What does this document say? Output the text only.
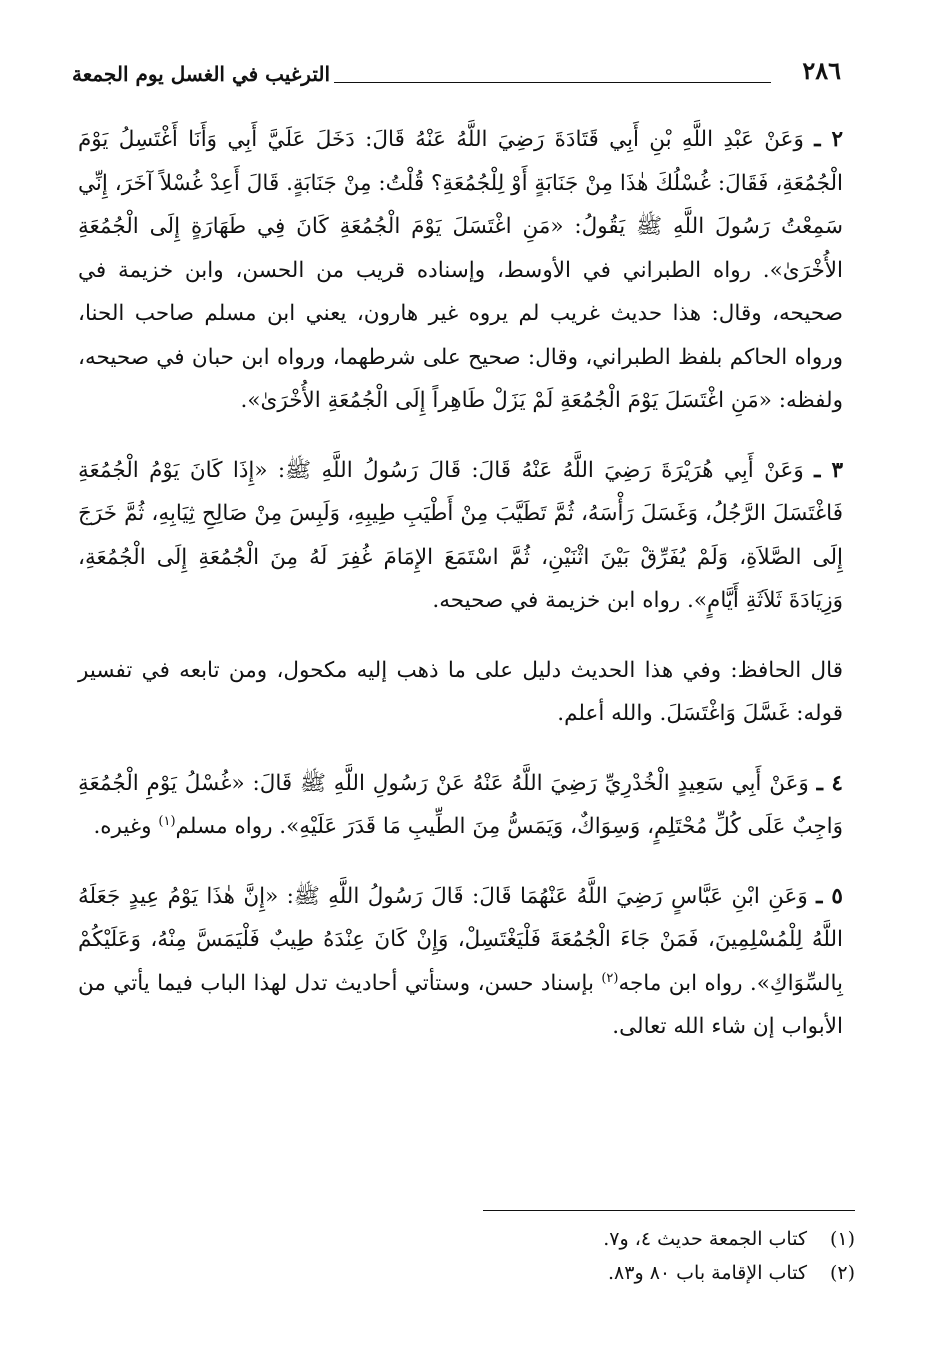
٢٨٦
الترغيب في الغسل يوم الجمعة

٢ ـ وَعَنْ عَبْدِ اللَّهِ بْنِ أَبِي قَتَادَةَ رَضِيَ اللَّهُ عَنْهُ قَالَ: دَخَلَ عَلَيَّ أَبِي وَأَنَا أَغْتَسِلُ يَوْمَ الْجُمُعَةِ، فَقَالَ: غُسْلُكَ هٰذَا مِنْ جَنَابَةٍ أَوْ لِلْجُمُعَةِ؟ قُلْتُ: مِنْ جَنَابَةٍ. قَالَ أَعِدْ غُسْلاً آخَرَ، إِنِّي سَمِعْتُ رَسُولَ اللَّهِ ﷺ يَقُولُ: «مَنِ اغْتَسَلَ يَوْمَ الْجُمُعَةِ كَانَ فِي طَهَارَةٍ إِلَى الْجُمُعَةِ الأُخْرَىٰ». رواه الطبراني في الأوسط، وإسناده قريب من الحسن، وابن خزيمة في صحيحه، وقال: هذا حديث غريب لم يروه غير هارون، يعني ابن مسلم صاحب الحنا، ورواه الحاكم بلفظ الطبراني، وقال: صحيح على شرطهما، ورواه ابن حبان في صحيحه، ولفظه: «مَنِ اغْتَسَلَ يَوْمَ الْجُمُعَةِ لَمْ يَزَلْ طَاهِراً إِلَى الْجُمُعَةِ الأُخْرَىٰ».

٣ ـ وَعَنْ أَبِي هُرَيْرَةَ رَضِيَ اللَّهُ عَنْهُ قَالَ: قَالَ رَسُولُ اللَّهِ ﷺ: «إِذَا كَانَ يَوْمُ الْجُمُعَةِ فَاغْتَسَلَ الرَّجُلُ، وَغَسَلَ رَأْسَهُ، ثُمَّ تَطَيَّبَ مِنْ أَطْيَبِ طِيبِهِ، وَلَبِسَ مِنْ صَالِحِ ثِيَابِهِ، ثُمَّ خَرَجَ إِلَى الصَّلاَةِ، وَلَمْ يُفَرِّقْ بَيْنَ اثْنَيْنِ، ثُمَّ اسْتَمَعَ الإِمَامَ غُفِرَ لَهُ مِنَ الْجُمُعَةِ إِلَى الْجُمُعَةِ، وَزِيَادَةَ ثَلاَثَةِ أَيَّامٍ». رواه ابن خزيمة في صحيحه.

قال الحافظ: وفي هذا الحديث دليل على ما ذهب إليه مكحول، ومن تابعه في تفسير قوله: غَسَّلَ وَاغْتَسَلَ. والله أعلم.

٤ ـ وَعَنْ أَبِي سَعِيدٍ الْخُدْرِيِّ رَضِيَ اللَّهُ عَنْهُ عَنْ رَسُولِ اللَّهِ ﷺ قَالَ: «غُسْلُ يَوْمِ الْجُمُعَةِ وَاجِبٌ عَلَى كُلِّ مُحْتَلِمٍ، وَسِوَاكٌ، وَيَمَسُّ مِنَ الطِّيبِ مَا قَدَرَ عَلَيْهِ». رواه مسلم$^{(١)}$ وغيره.

٥ ـ وَعَنِ ابْنِ عَبَّاسٍ رَضِيَ اللَّهُ عَنْهُمَا قَالَ: قَالَ رَسُولُ اللَّهِ ﷺ: «إِنَّ هٰذَا يَوْمُ عِيدٍ جَعَلَهُ اللَّهُ لِلْمُسْلِمِينَ، فَمَنْ جَاءَ الْجُمُعَةَ فَلْيَغْتَسِلْ، وَإِنْ كَانَ عِنْدَهُ طِيبٌ فَلْيَمَسَّ مِنْهُ، وَعَلَيْكُمْ بِالسِّوَاكِ». رواه ابن ماجه$^{(٢)}$ بإسناد حسن، وستأتي أحاديث تدل لهذا الباب فيما يأتي من الأبواب إن شاء الله تعالى.

(١)كتاب الجمعة حديث ٤، و٧.
(٢)كتاب الإقامة باب ٨٠ و٨٣.
